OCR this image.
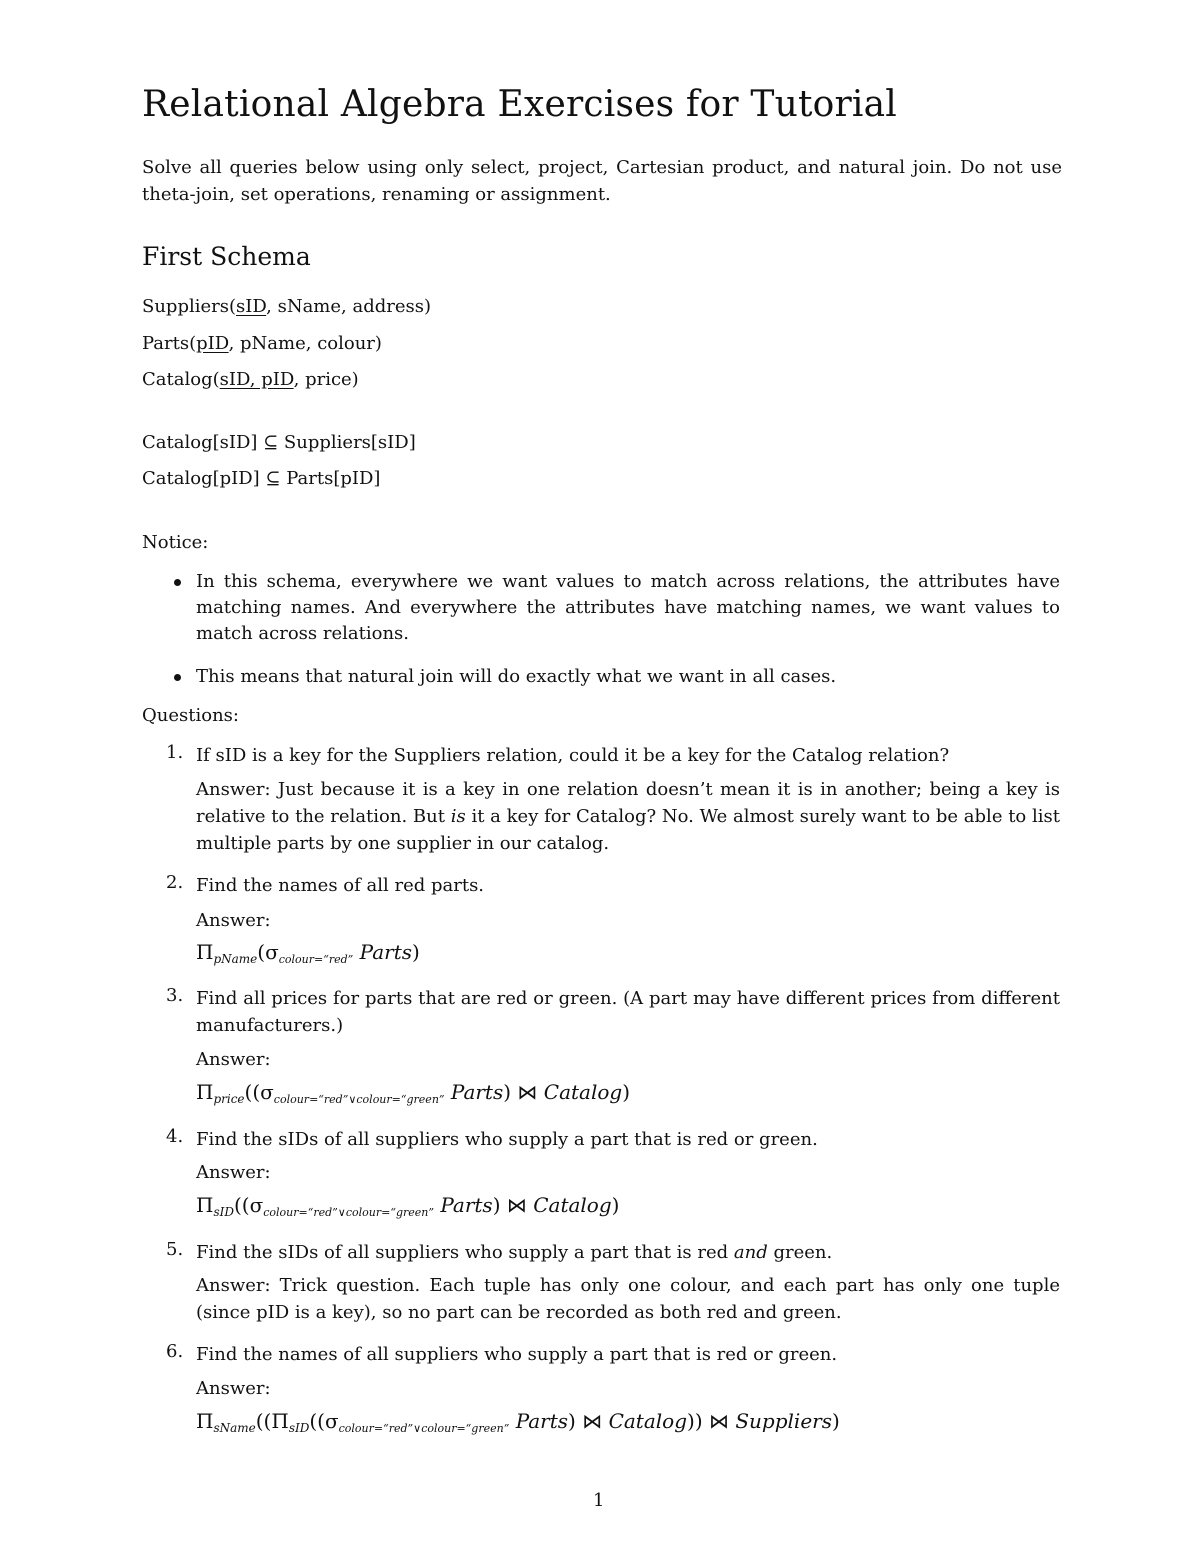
Relational Algebra Exercises for Tutorial
Solve all queries below using only select, project, Cartesian product, and natural join. Do not use theta-join, set operations, renaming or assignment.
First Schema
Suppliers(sID, sName, address)
Parts(pID, pName, colour)
Catalog(sID, pID, price)
Catalog[sID] ⊆ Suppliers[sID]
Catalog[pID] ⊆ Parts[pID]
Notice:
In this schema, everywhere we want values to match across relations, the attributes have matching names. And everywhere the attributes have matching names, we want values to match across relations.
This means that natural join will do exactly what we want in all cases.
Questions:
1. If sID is a key for the Suppliers relation, could it be a key for the Catalog relation?
Answer: Just because it is a key in one relation doesn’t mean it is in another; being a key is relative to the relation. But is it a key for Catalog? No. We almost surely want to be able to list multiple parts by one supplier in our catalog.
2. Find the names of all red parts.
Answer:
$\Pi_{pName}(\sigma_{colour=“red”}$ Parts)
3. Find all prices for parts that are red or green. (A part may have different prices from different manufacturers.)
Answer:
$\Pi_{price}((\sigma_{colour=“red”\vee colour=“green”}$ Parts) ⋈ Catalog)
4. Find the sIDs of all suppliers who supply a part that is red or green.
Answer:
$\Pi_{sID}((\sigma_{colour=“red”\vee colour=“green”}$ Parts) ⋈ Catalog)
5. Find the sIDs of all suppliers who supply a part that is red and green.
Answer: Trick question. Each tuple has only one colour, and each part has only one tuple (since pID is a key), so no part can be recorded as both red and green.
6. Find the names of all suppliers who supply a part that is red or green.
Answer:
$\Pi_{sName}((\Pi_{sID}((\sigma_{colour=“red”\vee colour=“green”}$ Parts) ⋈ Catalog)) ⋈ Suppliers)
1
